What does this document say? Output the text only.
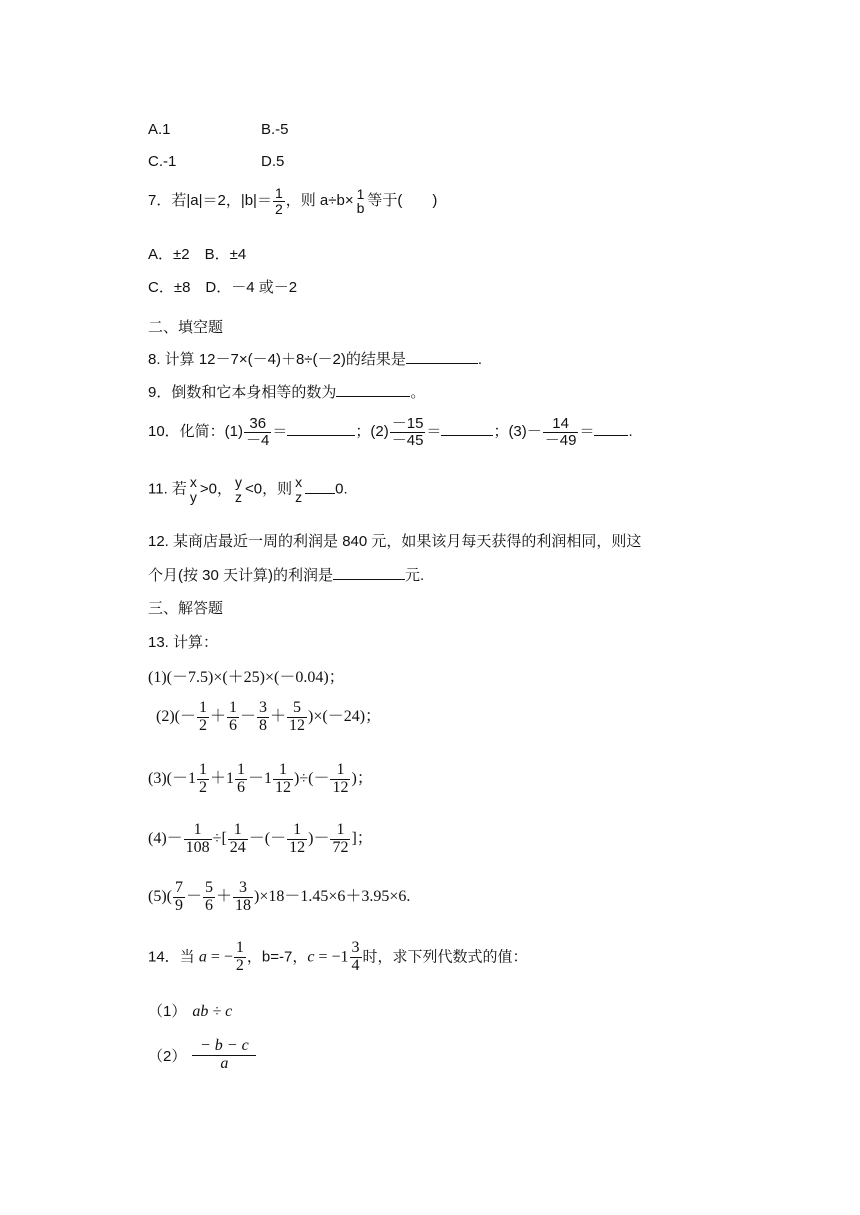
A.1	B.-5
C.-1	D.5
7．若|a|＝2，$|b|= \frac{1}{2}$ ，则 a÷b× 1
b 等于(　　)
A．±2　B．±4
C．±8　D．－4 或－2
二、填空题
8. 计算 12－7×(－4)＋8÷(－2)的结果是	.
9．倒数和它本身相等的数为	。
10．化简：$(1) \frac{36}{-4}$ ＝	；$(2) \frac{-15}{-45}$ ＝	；$(3)- \frac{14}{-49}$ ＝ .
11. 若 x
y >0， y
z <0，则 x
z 0.
12. 某商店最近一周的利润是 840 元，如果该月每天获得的利润相同，则这
个月(按 30 天计算)的利润是	元.
三、解答题
13. 计算：
(1)(－7.5)×(＋25)×(－0.04)；
$(2)(- \frac{1}{2} + \frac{1}{6} - \frac{3}{8} + \frac{5}{12} )\times(-24)$；
$(3)(-1 \frac{1}{2} +1 \frac{1}{6} -1 \frac{1}{12}$ )÷(－ $\frac{1}{12}$ )；
$(4)- \frac{1}{108}$ ÷[ $\frac{1}{24}$ －(－ $\frac{1}{12}$ )－ $\frac{1}{72}$ ]；
$(5)( \frac{7}{9} - \frac{5}{6} + \frac{3}{18} )\times 18-1.45\times 6+3.95\times 6$.
14．当 a = − $\frac{1}{2}$ ，b=-7，$c = -1 \frac{3}{4}$ 时，求下列代数式的值：
（1） ab ÷ c
$(2) \frac{- b - c}{a}$
